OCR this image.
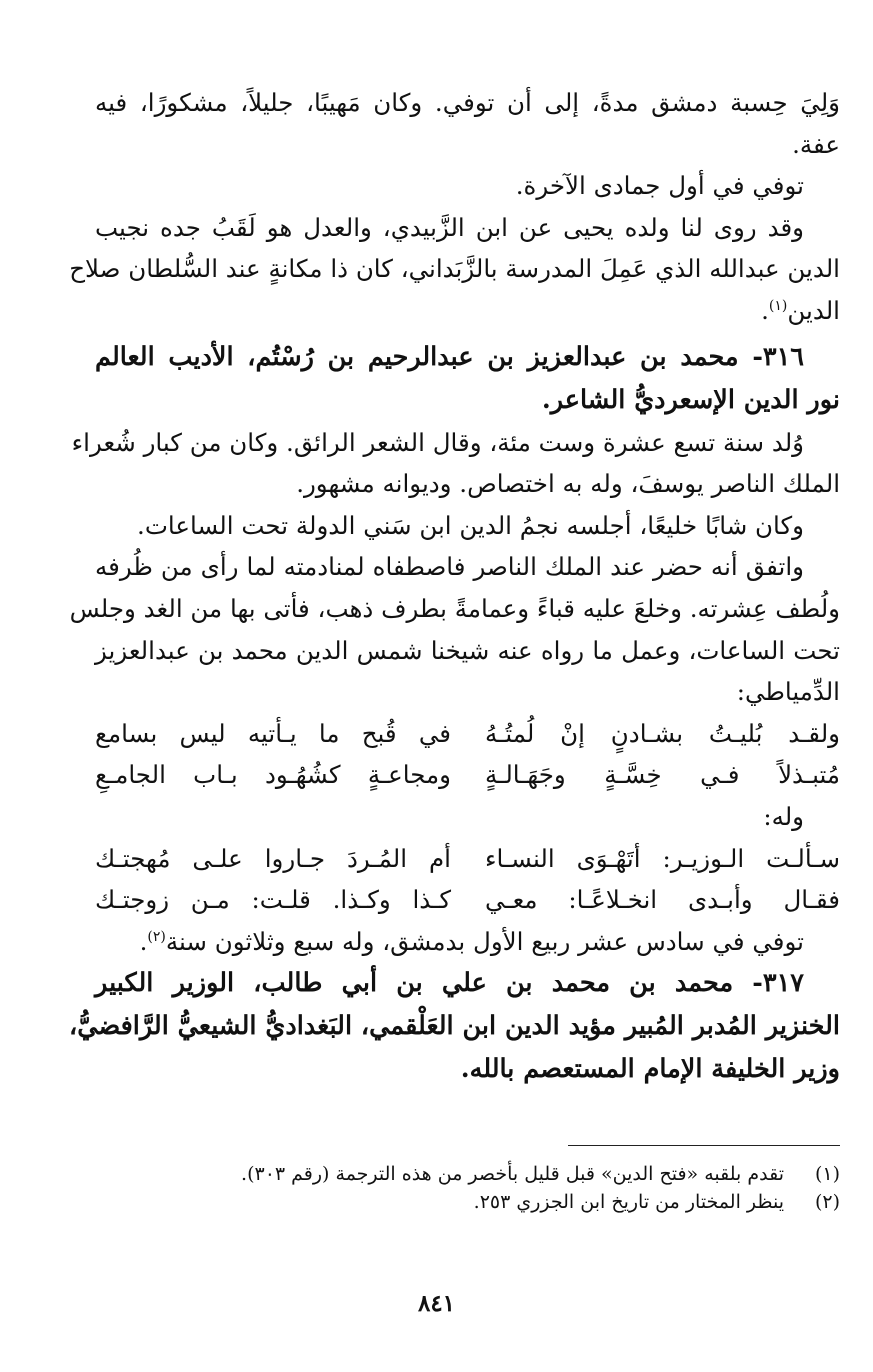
وَلِيَ حِسبة دمشق مدةً، إلى أن توفي. وكان مَهيبًا، جليلاً، مشكورًا، فيه
عفة.
توفي في أول جمادى الآخرة.
وقد روى لنا ولده يحيى عن ابن الزَّبيدي، والعدل هو لَقَبُ جده نجيب
الدين عبدالله الذي عَمِلَ المدرسة بالزَّبَداني، كان ذا مكانةٍ عند السُّلطان صلاح
الدين$^{(١)}$.
٣١٦- محمد بن عبدالعزيز بن عبدالرحيم بن رُسْتُم، الأديب العالم
نور الدين الإسعرديُّ الشاعر.
وُلد سنة تسع عشرة وست مئة، وقال الشعر الرائق. وكان من كبار شُعراء
الملك الناصر يوسفَ، وله به اختصاص. وديوانه مشهور.
وكان شابًا خليعًا، أجلسه نجمُ الدين ابن سَني الدولة تحت الساعات.
واتفق أنه حضر عند الملك الناصر فاصطفاه لمنادمته لما رأى من ظُرفه
ولُطف عِشرته. وخلعَ عليه قباءً وعمامةً بطرف ذهب، فأتى بها من الغد وجلس
تحت الساعات، وعمل ما رواه عنه شيخنا شمس الدين محمد بن عبدالعزيز
الدِّمياطي:
ولقـد بُليـتُ بشـادنٍ إنْ لُمتُـهُ
في قُبح ما يـأتيه ليس بسامع
مُتبـذلاً فـي خِسَّـةٍ وجَهَـالـةٍ
ومجاعـةٍ كشُهُـود بـاب الجامـعِ
وله:
سـألـت الـوزيـر: أتَهْـوَى النسـاء
أم المُـردَ جـاروا علـى مُهجتـك
فقـال وأبـدى انخـلاعًـا: معـي
كـذا وكـذا. قلـت: مـن زوجتـك
توفي في سادس عشر ربيع الأول بدمشق، وله سبع وثلاثون سنة$^{(٢)}$.
٣١٧- محمد بن محمد بن علي بن أبي طالب، الوزير الكبير
الخنزير المُدبر المُبير مؤيد الدين ابن العَلْقمي، البَغداديُّ الشيعيُّ الرَّافضيُّ،
وزير الخليفة الإمام المستعصم بالله.
(١)
تقدم بلقبه «فتح الدين» قبل قليل بأخصر من هذه الترجمة (رقم ٣٠٣).
(٢)
ينظر المختار من تاريخ ابن الجزري ٢٥٣.
٨٤١
